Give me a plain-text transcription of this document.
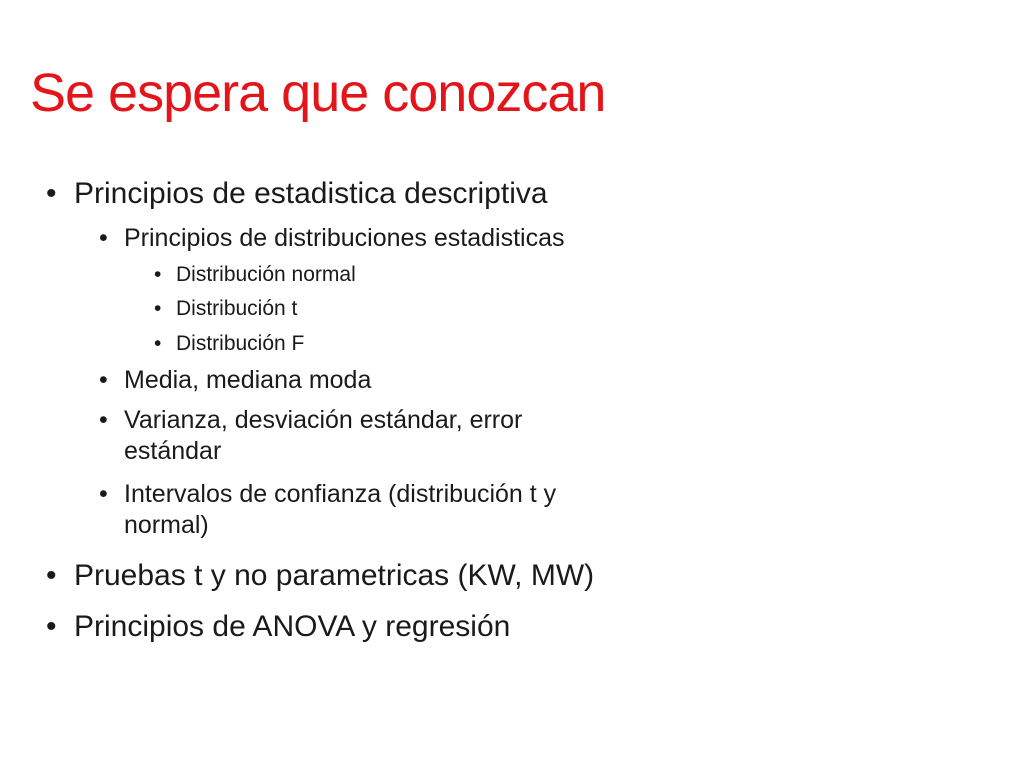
Se espera que conozcan
• Principios de estadistica descriptiva
• Principios de distribuciones estadisticas
• Distribución normal
• Distribución t
• Distribución F
• Media, mediana moda
• Varianza, desviación estándar, error
estándar
• Intervalos de confianza (distribución t y
normal)
• Pruebas t y no parametricas (KW, MW)
• Principios de ANOVA y regresión
